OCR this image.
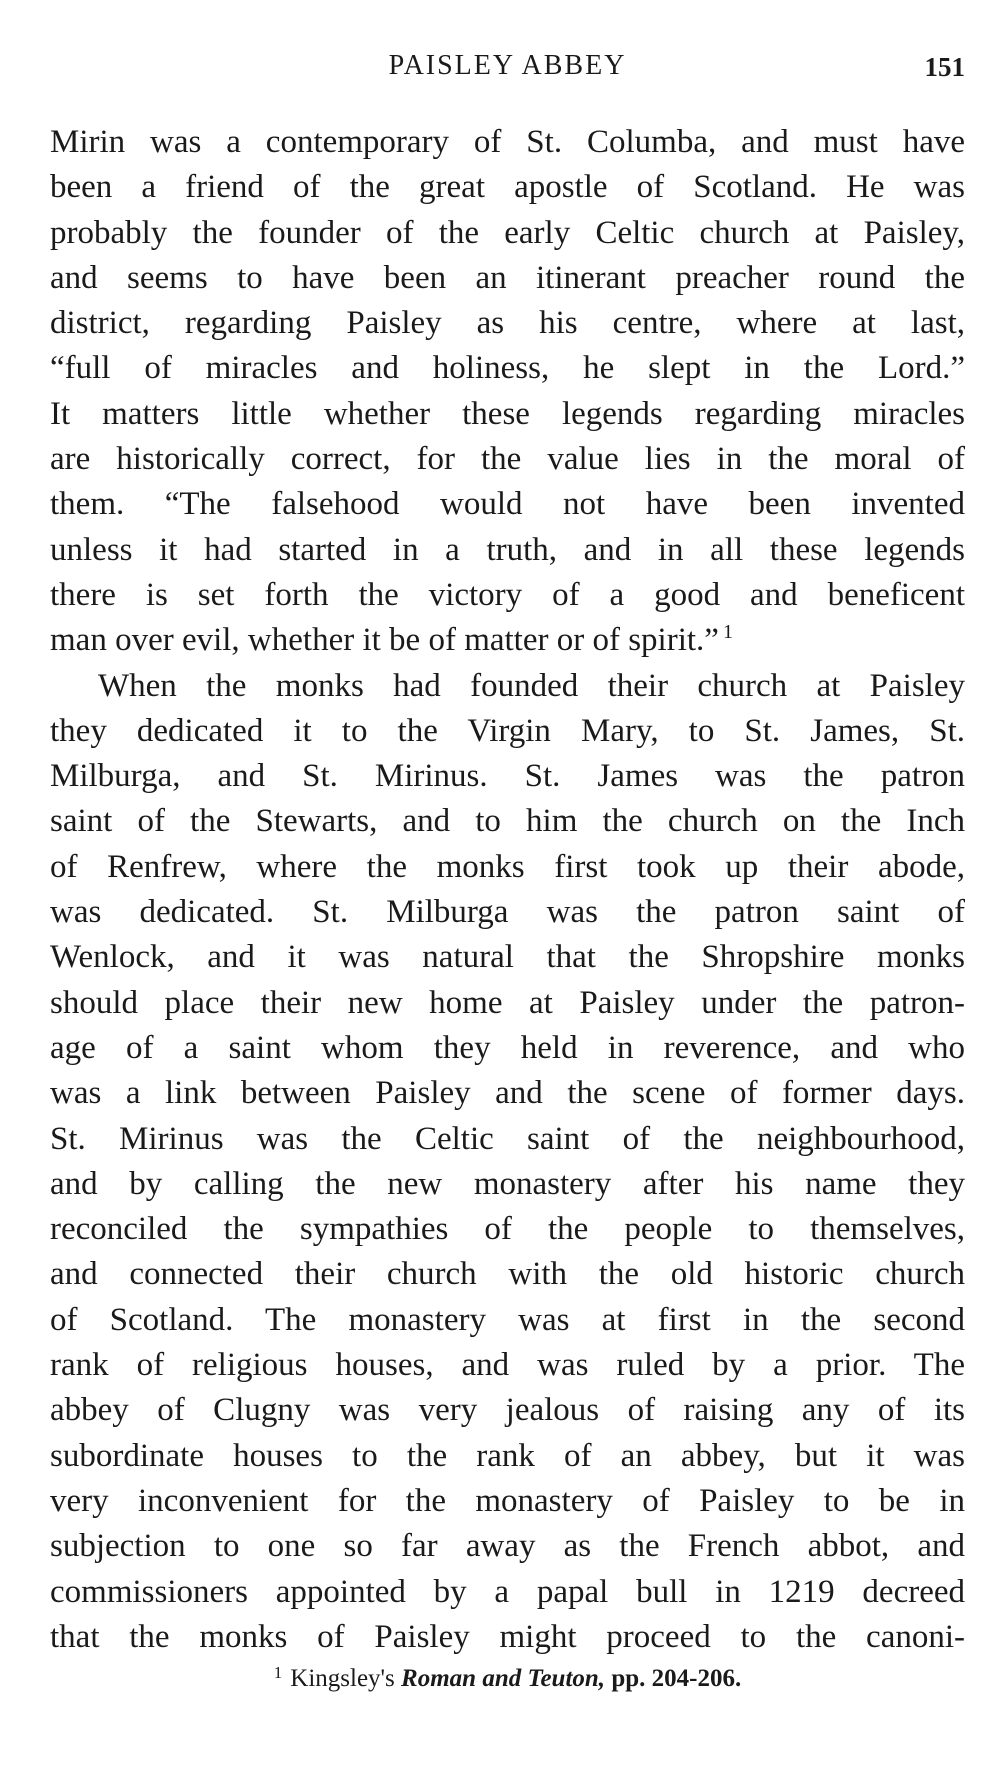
PAISLEY ABBEY	151
Mirin was a contemporary of St. Columba, and must have
been a friend of the great apostle of Scotland. He was
probably the founder of the early Celtic church at Paisley,
and seems to have been an itinerant preacher round the
district, regarding Paisley as his centre, where at last,
“full of miracles and holiness, he slept in the Lord.”
It matters little whether these legends regarding miracles
are historically correct, for the value lies in the moral of
them. “The falsehood would not have been invented
unless it had started in a truth, and in all these legends
there is set forth the victory of a good and beneficent
man over evil, whether it be of matter or of spirit.” $^1$
When the monks had founded their church at Paisley
they dedicated it to the Virgin Mary, to St. James, St.
Milburga, and St. Mirinus. St. James was the patron
saint of the Stewarts, and to him the church on the Inch
of Renfrew, where the monks first took up their abode,
was dedicated. St. Milburga was the patron saint of
Wenlock, and it was natural that the Shropshire monks
should place their new home at Paisley under the patron-
age of a saint whom they held in reverence, and who
was a link between Paisley and the scene of former days.
St. Mirinus was the Celtic saint of the neighbourhood,
and by calling the new monastery after his name they
reconciled the sympathies of the people to themselves,
and connected their church with the old historic church
of Scotland. The monastery was at first in the second
rank of religious houses, and was ruled by a prior. The
abbey of Clugny was very jealous of raising any of its
subordinate houses to the rank of an abbey, but it was
very inconvenient for the monastery of Paisley to be in
subjection to one so far away as the French abbot, and
commissioners appointed by a papal bull in 1219 decreed
that the monks of Paisley might proceed to the canoni-
$^1$ Kingsley's Roman and Teuton, pp. 204-206.
